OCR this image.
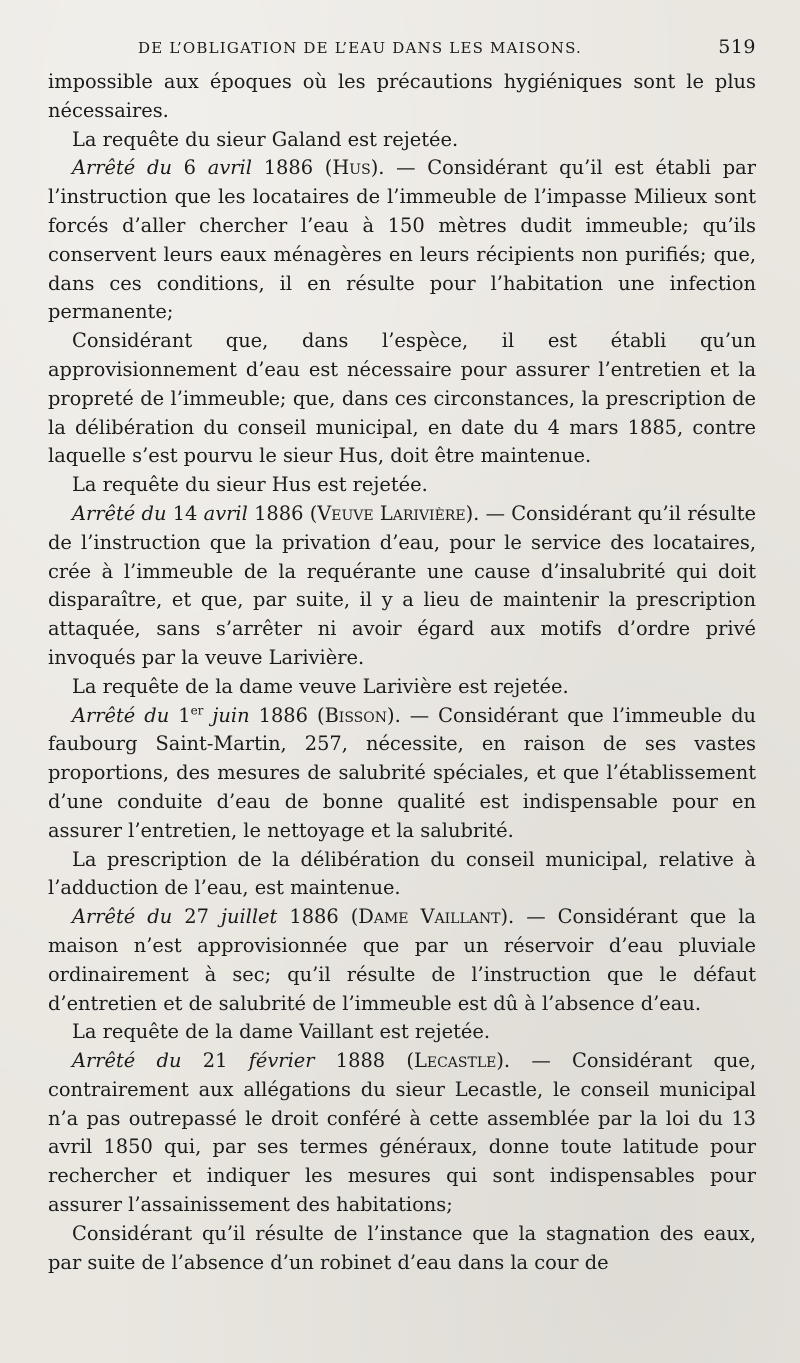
DE L’OBLIGATION DE L’EAU DANS LES MAISONS.	519

impossible aux époques où les précautions hygiéniques sont le plus nécessaires.

La requête du sieur Galand est rejetée.

Arrêté du 6 avril 1886 (Hus). — Considérant qu’il est établi par l’instruction que les locataires de l’immeuble de l’impasse Milieux sont forcés d’aller chercher l’eau à 150 mètres dudit immeuble; qu’ils conservent leurs eaux ménagères en leurs récipients non purifiés; que, dans ces conditions, il en résulte pour l’habitation une infection permanente;

Considérant que, dans l’espèce, il est établi qu’un approvisionnement d’eau est nécessaire pour assurer l’entretien et la propreté de l’immeuble; que, dans ces circonstances, la prescription de la délibération du conseil municipal, en date du 4 mars 1885, contre laquelle s’est pourvu le sieur Hus, doit être maintenue.

La requête du sieur Hus est rejetée.

Arrêté du 14 avril 1886 (Veuve Larivière). — Considérant qu’il résulte de l’instruction que la privation d’eau, pour le service des locataires, crée à l’immeuble de la requérante une cause d’insalubrité qui doit disparaître, et que, par suite, il y a lieu de maintenir la prescription attaquée, sans s’arrêter ni avoir égard aux motifs d’ordre privé invoqués par la veuve Larivière.

La requête de la dame veuve Larivière est rejetée.

Arrêté du 1er juin 1886 (Bisson). — Considérant que l’immeuble du faubourg Saint-Martin, 257, nécessite, en raison de ses vastes proportions, des mesures de salubrité spéciales, et que l’établissement d’une conduite d’eau de bonne qualité est indispensable pour en assurer l’entretien, le nettoyage et la salubrité.

La prescription de la délibération du conseil municipal, relative à l’adduction de l’eau, est maintenue.

Arrêté du 27 juillet 1886 (Dame Vaillant). — Considérant que la maison n’est approvisionnée que par un réservoir d’eau pluviale ordinairement à sec; qu’il résulte de l’instruction que le défaut d’entretien et de salubrité de l’immeuble est dû à l’absence d’eau.

La requête de la dame Vaillant est rejetée.

Arrêté du 21 février 1888 (Lecastle). — Considérant que, contrairement aux allégations du sieur Lecastle, le conseil municipal n’a pas outrepassé le droit conféré à cette assemblée par la loi du 13 avril 1850 qui, par ses termes généraux, donne toute latitude pour rechercher et indiquer les mesures qui sont indispensables pour assurer l’assainissement des habitations;

Considérant qu’il résulte de l’instance que la stagnation des eaux, par suite de l’absence d’un robinet d’eau dans la cour de
